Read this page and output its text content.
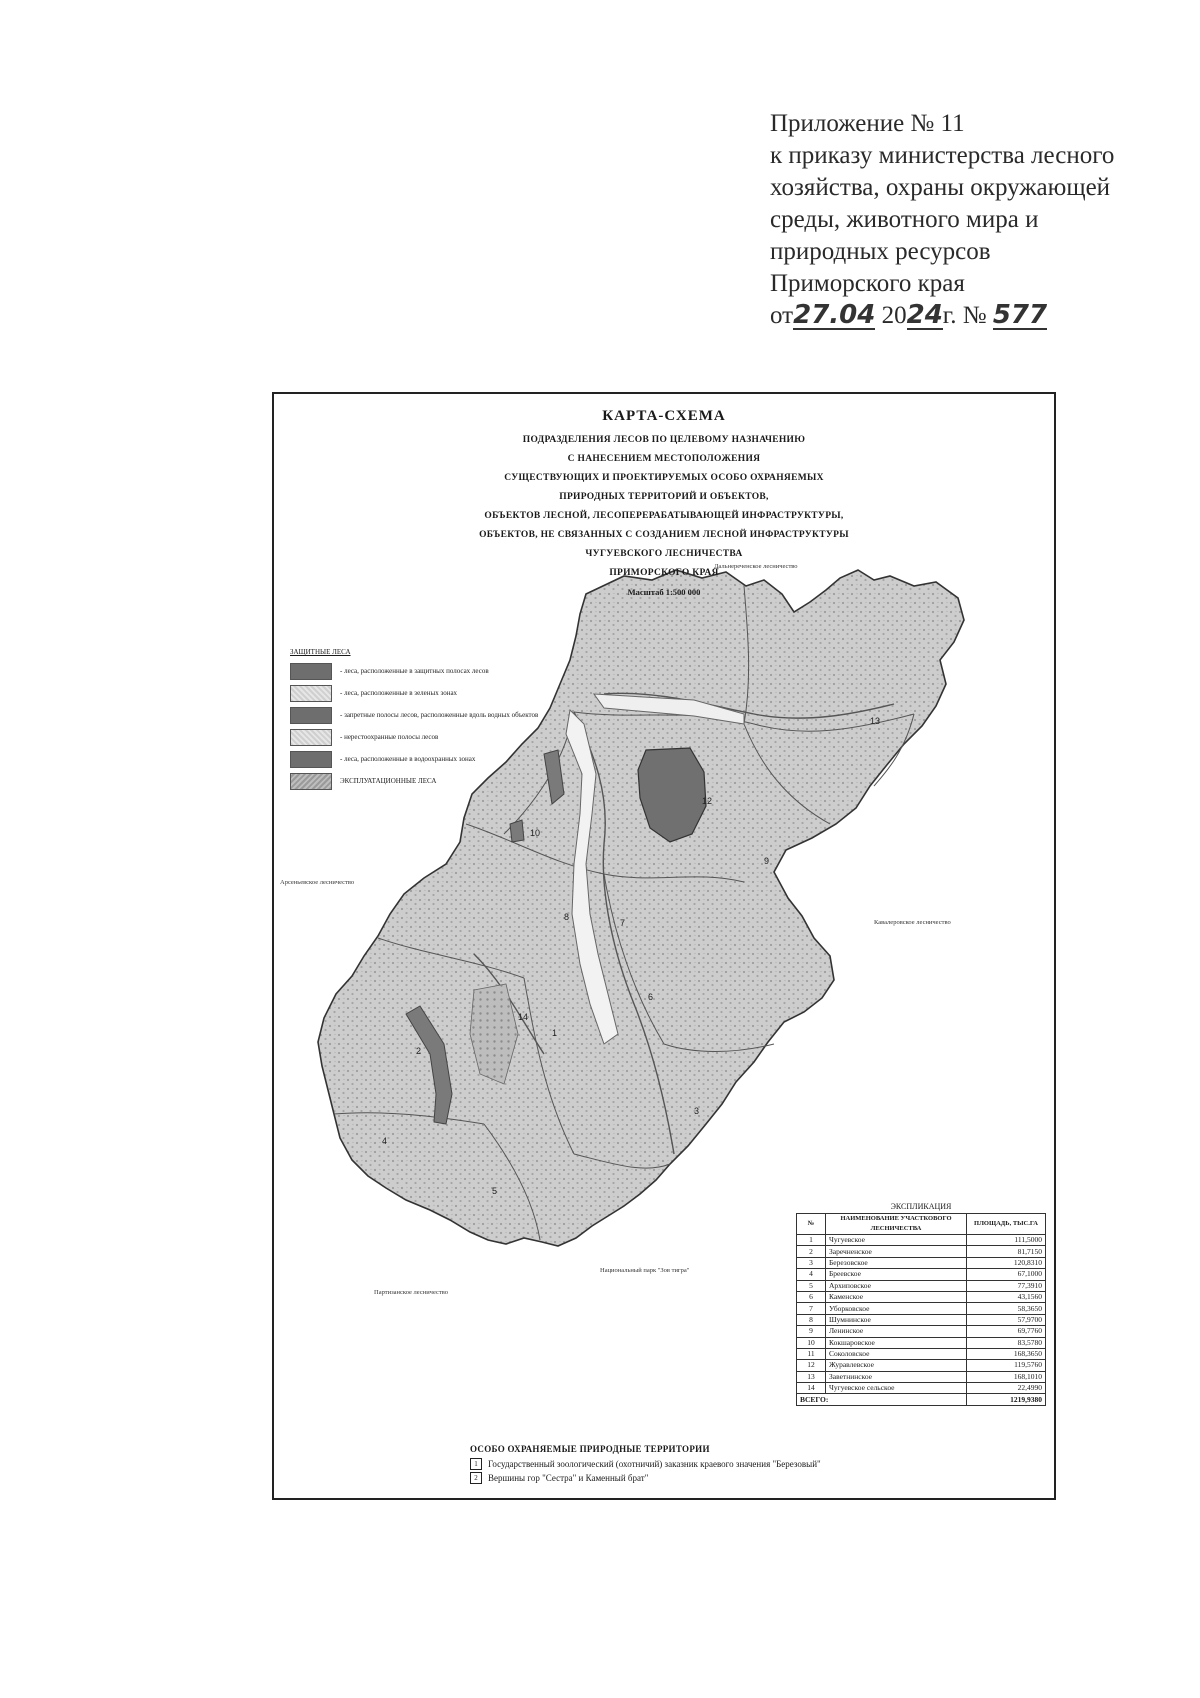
Приложение № 11
к приказу министерства лесного
хозяйства, охраны окружающей
среды, животного мира и
природных ресурсов
Приморского края
от27.04 2024г. № 577
1
2
3
4
5
6
7
8
9
10
12
13
14
Дальнереченское лесничество
Арсеньевское лесничество
Кавалеровское лесничество
Национальный парк "Зов тигра"
Партизанское лесничество
КАРТА-СХЕМА
ПОДРАЗДЕЛЕНИЯ ЛЕСОВ ПО ЦЕЛЕВОМУ НАЗНАЧЕНИЮ
С НАНЕСЕНИЕМ МЕСТОПОЛОЖЕНИЯ
СУЩЕСТВУЮЩИХ И ПРОЕКТИРУЕМЫХ ОСОБО ОХРАНЯЕМЫХ
ПРИРОДНЫХ ТЕРРИТОРИЙ И ОБЪЕКТОВ,
ОБЪЕКТОВ ЛЕСНОЙ, ЛЕСОПЕРЕРАБАТЫВАЮЩЕЙ ИНФРАСТРУКТУРЫ,
ОБЪЕКТОВ, НЕ СВЯЗАННЫХ С СОЗДАНИЕМ ЛЕСНОЙ ИНФРАСТРУКТУРЫ
ЧУГУЕВСКОГО ЛЕСНИЧЕСТВА
ПРИМОРСКОГО КРАЯ
Масштаб 1:500 000
ЗАЩИТНЫЕ ЛЕСА
- леса, расположенные в защитных полосах лесов
- леса, расположенные в зеленых зонах
- запретные полосы лесов, расположенные вдоль водных объектов
- нерестоохранные полосы лесов
- леса, расположенные в водоохранных зонах
ЭКСПЛУАТАЦИОННЫЕ ЛЕСА
ЭКСПЛИКАЦИЯ
№	НАИМЕНОВАНИЕ УЧАСТКОВОГО ЛЕСНИЧЕСТВА	ПЛОЩАДЬ, ТЫС.ГА
1	Чугуевское	111,5000
2	Заречненское	81,7150
3	Березовское	120,8310
4	Бреевское	67,1000
5	Архиповское	77,3910
6	Каменское	43,1560
7	Уборковское	58,3650
8	Шумнинское	57,9700
9	Ленинское	69,7760
10	Кокшаровское	83,5780
11	Соколовское	168,3650
12	Журавлевское	119,5760
13	Заветнинское	168,1010
14	Чугуевское сельское	22,4990
ВСЕГО:		1219,9380
ОСОБО ОХРАНЯЕМЫЕ ПРИРОДНЫЕ ТЕРРИТОРИИ
1	Государственный зоологический (охотничий) заказник краевого значения "Березовый"
2	Вершины гор "Сестра" и Каменный брат"
